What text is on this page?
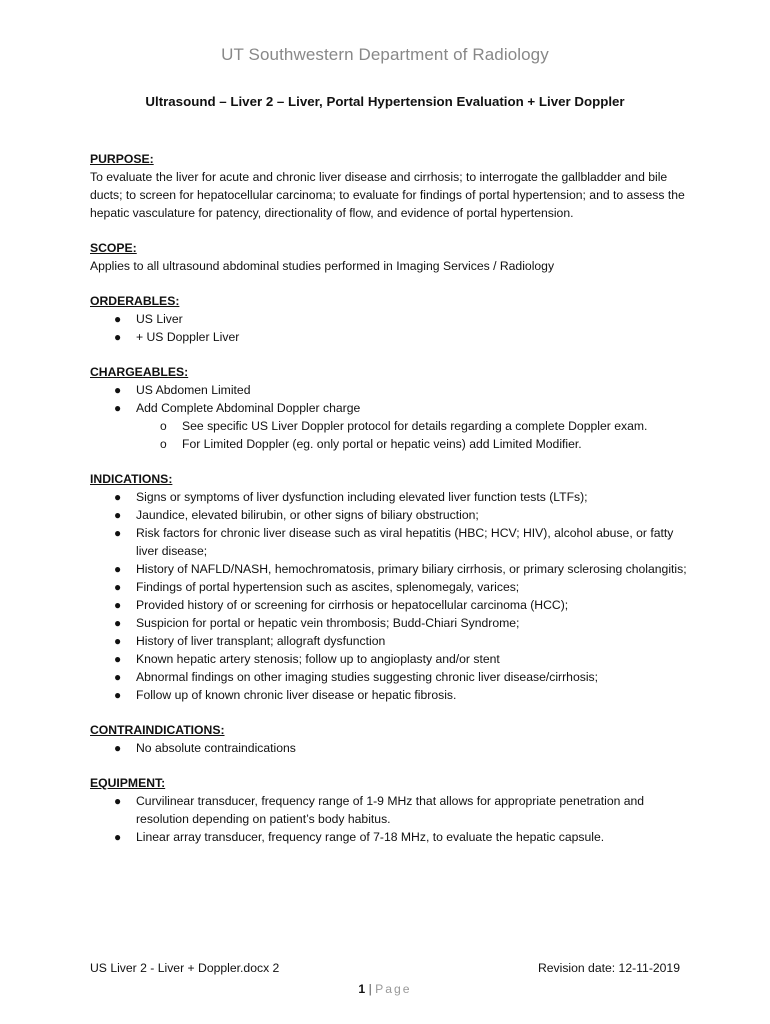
UT Southwestern Department of Radiology
Ultrasound – Liver 2 – Liver, Portal Hypertension Evaluation + Liver Doppler
PURPOSE:

To evaluate the liver for acute and chronic liver disease and cirrhosis; to interrogate the gallbladder and bile ducts; to screen for hepatocellular carcinoma; to evaluate for findings of portal hypertension; and to assess the hepatic vasculature for patency, directionality of flow, and evidence of portal hypertension.

SCOPE:

Applies to all ultrasound abdominal studies performed in Imaging Services / Radiology

ORDERABLES:
● US Liver
● + US Doppler Liver
CHARGEABLES:
● US Abdomen Limited
● Add Complete Abdominal Doppler charge
o See specific US Liver Doppler protocol for details regarding a complete Doppler exam.
o For Limited Doppler (eg. only portal or hepatic veins) add Limited Modifier.
INDICATIONS:
● Signs or symptoms of liver dysfunction including elevated liver function tests (LTFs);
● Jaundice, elevated bilirubin, or other signs of biliary obstruction;
● Risk factors for chronic liver disease such as viral hepatitis (HBC; HCV; HIV), alcohol abuse, or fatty liver disease;
● History of NAFLD/NASH, hemochromatosis, primary biliary cirrhosis, or primary sclerosing cholangitis;
● Findings of portal hypertension such as ascites, splenomegaly, varices;
● Provided history of or screening for cirrhosis or hepatocellular carcinoma (HCC);
● Suspicion for portal or hepatic vein thrombosis; Budd-Chiari Syndrome;
● History of liver transplant; allograft dysfunction
● Known hepatic artery stenosis; follow up to angioplasty and/or stent
● Abnormal findings on other imaging studies suggesting chronic liver disease/cirrhosis;
● Follow up of known chronic liver disease or hepatic fibrosis.
CONTRAINDICATIONS:
● No absolute contraindications
EQUIPMENT:
● Curvilinear transducer, frequency range of 1-9 MHz that allows for appropriate penetration and resolution depending on patient’s body habitus.
● Linear array transducer, frequency range of 7-18 MHz, to evaluate the hepatic capsule.
US Liver 2 - Liver + Doppler.docx 2	Revision date: 12-11-2019
1 | Page
